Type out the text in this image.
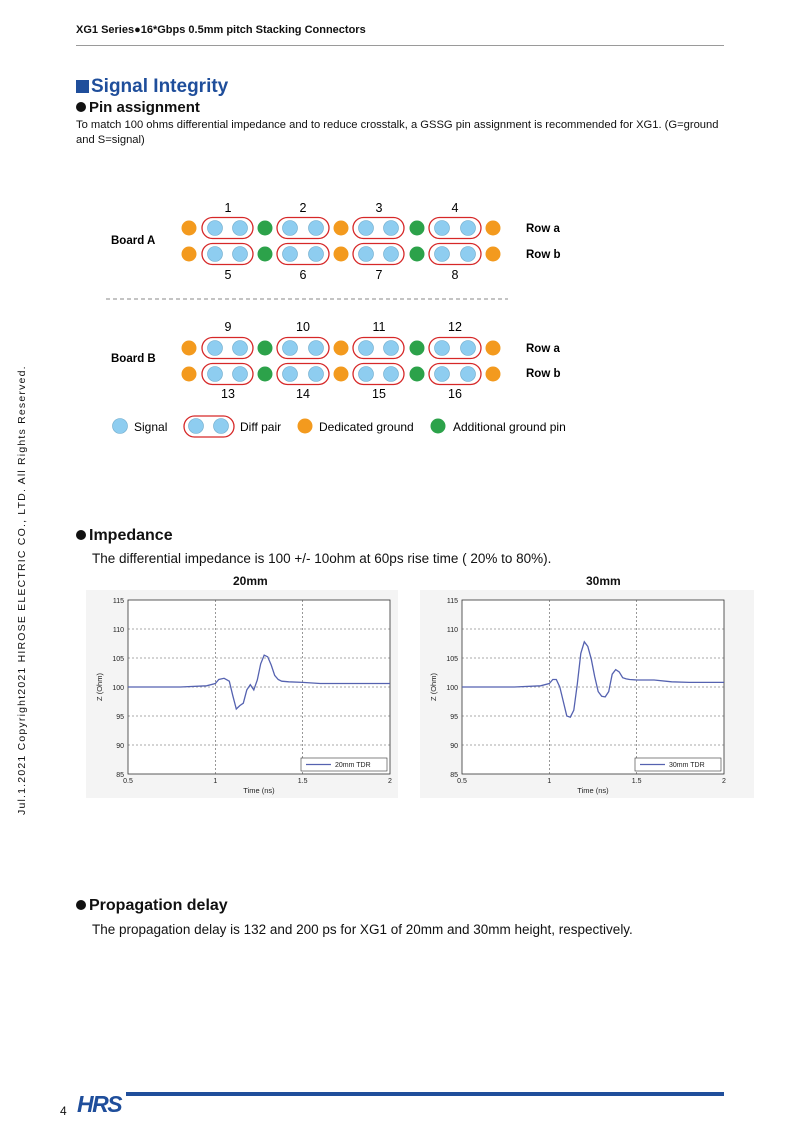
XG1 Series●16*Gbps 0.5mm pitch Stacking Connectors
Signal Integrity
Pin assignment
To match 100 ohms differential impedance and to reduce crosstalk, a GSSG pin assignment is recommended for XG1. (G=ground and S=signal)
Jul.1.2021 Copyright2021 HIROSE ELECTRIC CO., LTD. All Rights Reserved.
Board A
Board B
Row a
Row b
Row a
Row b
1	2	3	4
5	6	7	8
9	10	11	12
13	14	15	16
Signal	Diff pair	Dedicated ground	Additional ground pin
Impedance
The differential impedance is 100 +/- 10ohm at 60ps rise time ( 20% to 80%).
20mm	30mm
85
90
95
100
105
110
115
0.5	1	1.5	2
Time (ns)
Z (Ohm)
20mm TDR
85
90
95
100
105
110
115
0.5	1	1.5	2
Time (ns)
Z (Ohm)
30mm TDR
Propagation delay
The propagation delay is 132 and 200 ps for XG1 of 20mm and 30mm height, respectively.
4 HRS
